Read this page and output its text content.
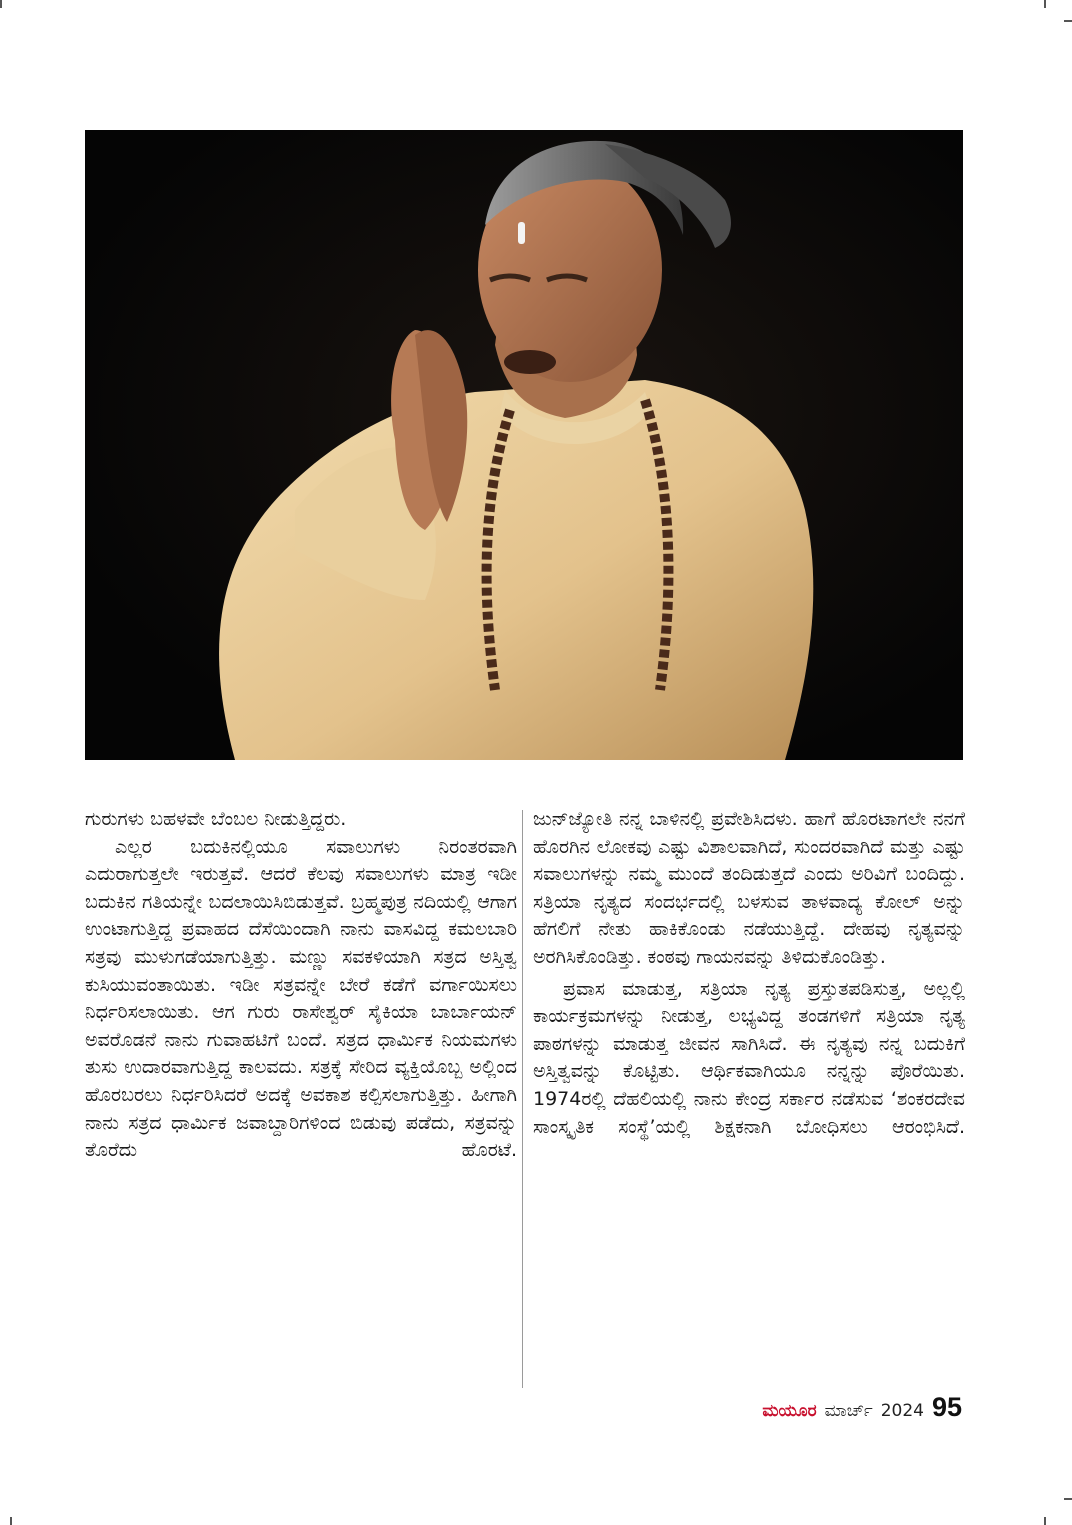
ಗುರುಗಳು ಬಹಳವೇ ಬೆಂಬಲ ನೀಡುತ್ತಿದ್ದರು.

ಎಲ್ಲರ ಬದುಕಿನಲ್ಲಿಯೂ ಸವಾಲುಗಳು ನಿರಂತರವಾಗಿ ಎದುರಾಗುತ್ತಲೇ ಇರುತ್ತವೆ. ಆದರೆ ಕೆಲವು ಸವಾಲುಗಳು ಮಾತ್ರ ಇಡೀ ಬದುಕಿನ ಗತಿಯನ್ನೇ ಬದಲಾಯಿಸಿಬಿಡುತ್ತವೆ. ಬ್ರಹ್ಮಪುತ್ರ ನದಿಯಲ್ಲಿ ಆಗಾಗ ಉಂಟಾಗುತ್ತಿದ್ದ ಪ್ರವಾಹದ ದೆಸೆಯಿಂದಾಗಿ ನಾನು ವಾಸವಿದ್ದ ಕಮಲಬಾರಿ ಸತ್ರವು ಮುಳುಗಡೆಯಾಗುತ್ತಿತ್ತು. ಮಣ್ಣು ಸವಕಳಿಯಾಗಿ ಸತ್ರದ ಅಸ್ತಿತ್ವ ಕುಸಿಯುವಂತಾಯಿತು. ಇಡೀ ಸತ್ರವನ್ನೇ ಬೇರೆ ಕಡೆಗೆ ವರ್ಗಾಯಿಸಲು ನಿರ್ಧರಿಸಲಾಯಿತು. ಆಗ ಗುರು ರಾಸೇಶ್ವರ್ ಸೈಕಿಯಾ ಬಾರ್ಬಾಯನ್ ಅವರೊಡನೆ ನಾನು ಗುವಾಹಟಿಗೆ ಬಂದೆ. ಸತ್ರದ ಧಾರ್ಮಿಕ ನಿಯಮಗಳು ತುಸು ಉದಾರವಾಗುತ್ತಿದ್ದ ಕಾಲವದು. ಸತ್ರಕ್ಕೆ ಸೇರಿದ ವ್ಯಕ್ತಿಯೊಬ್ಬ ಅಲ್ಲಿಂದ ಹೊರಬರಲು ನಿರ್ಧರಿಸಿದರೆ ಅದಕ್ಕೆ ಅವಕಾಶ ಕಲ್ಪಿಸಲಾಗುತ್ತಿತ್ತು. ಹೀಗಾಗಿ ನಾನು ಸತ್ರದ ಧಾರ್ಮಿಕ ಜವಾಬ್ದಾರಿಗಳಿಂದ ಬಿಡುವು ಪಡೆದು, ಸತ್ರವನ್ನು ತೊರೆದು ಹೊರಟೆ.

ಜುನ್‌ಜ್ಯೋತಿ ನನ್ನ ಬಾಳಿನಲ್ಲಿ ಪ್ರವೇಶಿಸಿದಳು. ಹಾಗೆ ಹೊರಟಾಗಲೇ ನನಗೆ ಹೊರಗಿನ ಲೋಕವು ಎಷ್ಟು ವಿಶಾಲವಾಗಿದೆ, ಸುಂದರವಾಗಿದೆ ಮತ್ತು ಎಷ್ಟು ಸವಾಲುಗಳನ್ನು ನಮ್ಮ ಮುಂದೆ ತಂದಿಡುತ್ತದೆ ಎಂದು ಅರಿವಿಗೆ ಬಂದಿದ್ದು. ಸತ್ರಿಯಾ ನೃತ್ಯದ ಸಂದರ್ಭದಲ್ಲಿ ಬಳಸುವ ತಾಳವಾದ್ಯ ಕೋಲ್ ಅನ್ನು ಹೆಗಲಿಗೆ ನೇತು ಹಾಕಿಕೊಂಡು ನಡೆಯುತ್ತಿದ್ದೆ. ದೇಹವು ನೃತ್ಯವನ್ನು ಅರಗಿಸಿಕೊಂಡಿತ್ತು. ಕಂಠವು ಗಾಯನವನ್ನು ತಿಳಿದುಕೊಂಡಿತ್ತು.

ಪ್ರವಾಸ ಮಾಡುತ್ತ, ಸತ್ರಿಯಾ ನೃತ್ಯ ಪ್ರಸ್ತುತಪಡಿಸುತ್ತ, ಅಲ್ಲಲ್ಲಿ ಕಾರ್ಯಕ್ರಮಗಳನ್ನು ನೀಡುತ್ತ, ಲಭ್ಯವಿದ್ದ ತಂಡಗಳಿಗೆ ಸತ್ರಿಯಾ ನೃತ್ಯ ಪಾಠಗಳನ್ನು ಮಾಡುತ್ತ ಜೀವನ ಸಾಗಿಸಿದೆ. ಈ ನೃತ್ಯವು ನನ್ನ ಬದುಕಿಗೆ ಅಸ್ತಿತ್ವವನ್ನು ಕೊಟ್ಟಿತು. ಆರ್ಥಿಕವಾಗಿಯೂ ನನ್ನನ್ನು ಪೊರೆಯಿತು. 1974ರಲ್ಲಿ ದೆಹಲಿಯಲ್ಲಿ ನಾನು ಕೇಂದ್ರ ಸರ್ಕಾರ ನಡೆಸುವ ‘ಶಂಕರದೇವ ಸಾಂಸ್ಕೃತಿಕ ಸಂಸ್ಥೆ’ಯಲ್ಲಿ ಶಿಕ್ಷಕನಾಗಿ ಬೋಧಿಸಲು ಆರಂಭಿಸಿದೆ.

ಮಯೂರ ಮಾರ್ಚ್ 2024 95
